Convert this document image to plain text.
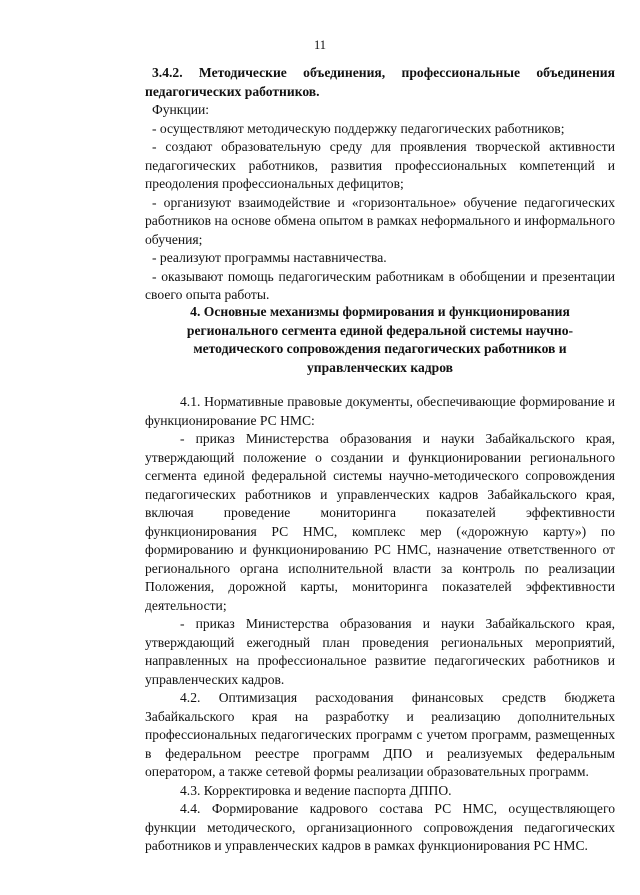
11

3.4.2. Методические объединения, профессиональные объединения педагогических работников.

Функции:

- осуществляют методическую поддержку педагогических работников;

- создают образовательную среду для проявления творческой активности педагогических работников, развития профессиональных компетенций и преодоления профессиональных дефицитов;

- организуют взаимодействие и «горизонтальное» обучение педагогических работников на основе обмена опытом в рамках неформального и информального обучения;

- реализуют программы наставничества.

- оказывают помощь педагогическим работникам в обобщении и презентации своего опыта работы.

4. Основные механизмы формирования и функционирования
регионального сегмента единой федеральной системы научно-
методического сопровождения педагогических работников и
управленческих кадров

4.1. Нормативные правовые документы, обеспечивающие формирование и функционирование РС НМС:

- приказ Министерства образования и науки Забайкальского края, утверждающий положение о создании и функционировании регионального сегмента единой федеральной системы научно-методического сопровождения педагогических работников и управленческих кадров Забайкальского края, включая проведение мониторинга показателей эффективности функционирования РС НМС, комплекс мер («дорожную карту») по формированию и функционированию РС НМС, назначение ответственного от регионального органа исполнительной власти за контроль по реализации Положения, дорожной карты, мониторинга показателей эффективности деятельности;

- приказ Министерства образования и науки Забайкальского края, утверждающий ежегодный план проведения региональных мероприятий, направленных на профессиональное развитие педагогических работников и управленческих кадров.

4.2. Оптимизация расходования финансовых средств бюджета Забайкальского края на разработку и реализацию дополнительных профессиональных педагогических программ с учетом программ, размещенных в федеральном реестре программ ДПО и реализуемых федеральным оператором, а также сетевой формы реализации образовательных программ.

4.3. Корректировка и ведение паспорта ДППО.

4.4. Формирование кадрового состава РС НМС, осуществляющего функции методического, организационного сопровождения педагогических работников и управленческих кадров в рамках функционирования РС НМС.
